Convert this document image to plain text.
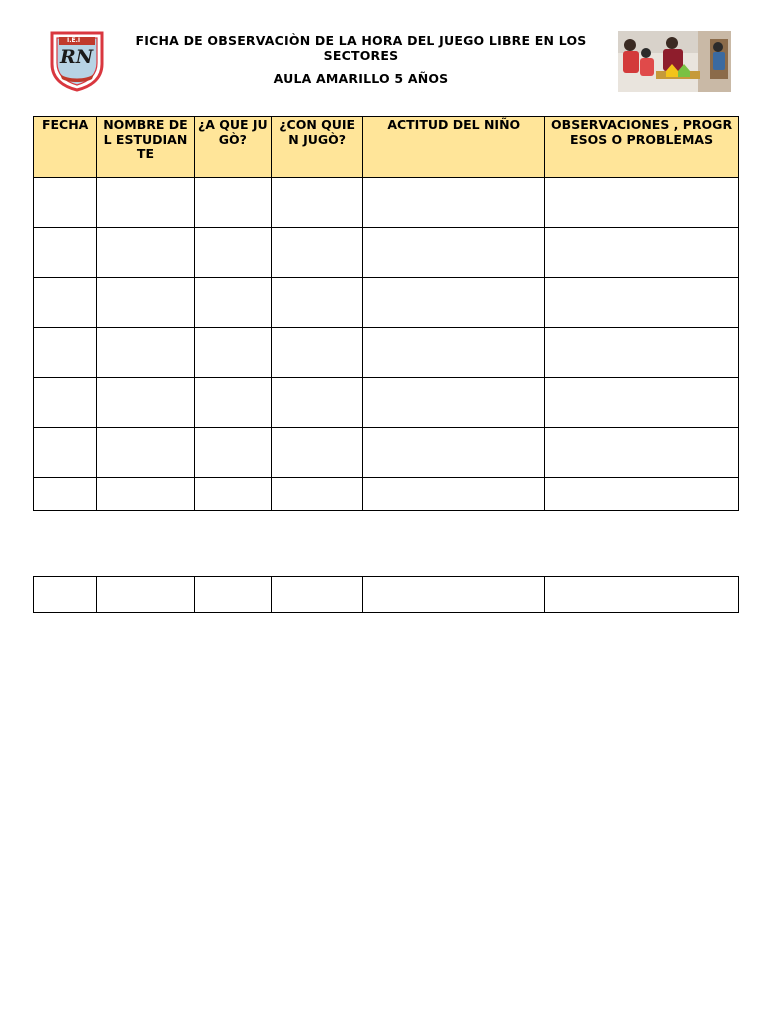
I.E.I
RN
FICHA DE OBSERVACIÒN DE LA HORA DEL JUEGO LIBRE EN LOS
SECTORES
AULA AMARILLO 5 AÑOS
FECHA	NOMBRE DEL ESTUDIANTE	¿A QUE JUGÒ?	¿CON QUIEN JUGÒ?	ACTITUD DEL NIÑO	OBSERVACIONES , PROGRESOS O PROBLEMAS
